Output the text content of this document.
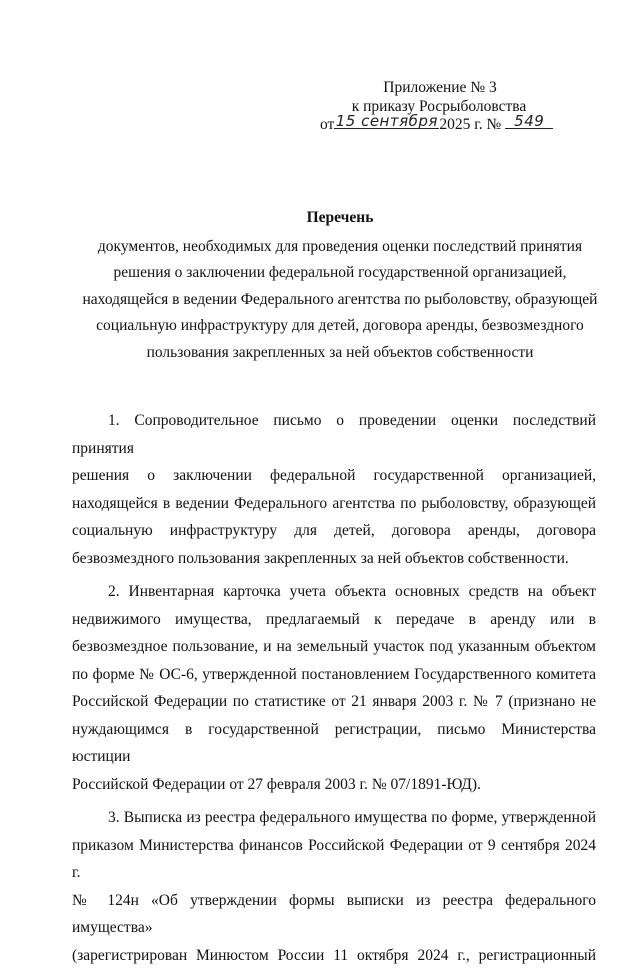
Приложение № 3
к приказу Росрыболовства
от15 сентября2025 г. № 549
Перечень
документов, необходимых для проведения оценки последствий принятия
решения о заключении федеральной государственной организацией,
находящейся в ведении Федерального агентства по рыболовству, образующей
социальную инфраструктуру для детей, договора аренды, безвозмездного
пользования закрепленных за ней объектов собственности
1. Сопроводительное письмо о проведении оценки последствий принятия
решения о заключении федеральной государственной организацией,
находящейся в ведении Федерального агентства по рыболовству, образующей
социальную инфраструктуру для детей, договора аренды, договора
безвозмездного пользования закрепленных за ней объектов собственности.
2. Инвентарная карточка учета объекта основных средств на объект
недвижимого имущества, предлагаемый к передаче в аренду или в
безвозмездное пользование, и на земельный участок под указанным объектом
по форме № ОС-6, утвержденной постановлением Государственного комитета
Российской Федерации по статистике от 21 января 2003 г. № 7 (признано не
нуждающимся в государственной регистрации, письмо Министерства юстиции
Российской Федерации от 27 февраля 2003 г. № 07/1891-ЮД).
3. Выписка из реестра федерального имущества по форме, утвержденной
приказом Министерства финансов Российской Федерации от 9 сентября 2024 г.
№ 124н «Об утверждении формы выписки из реестра федерального имущества»
(зарегистрирован Минюстом России 11 октября 2024 г., регистрационный
